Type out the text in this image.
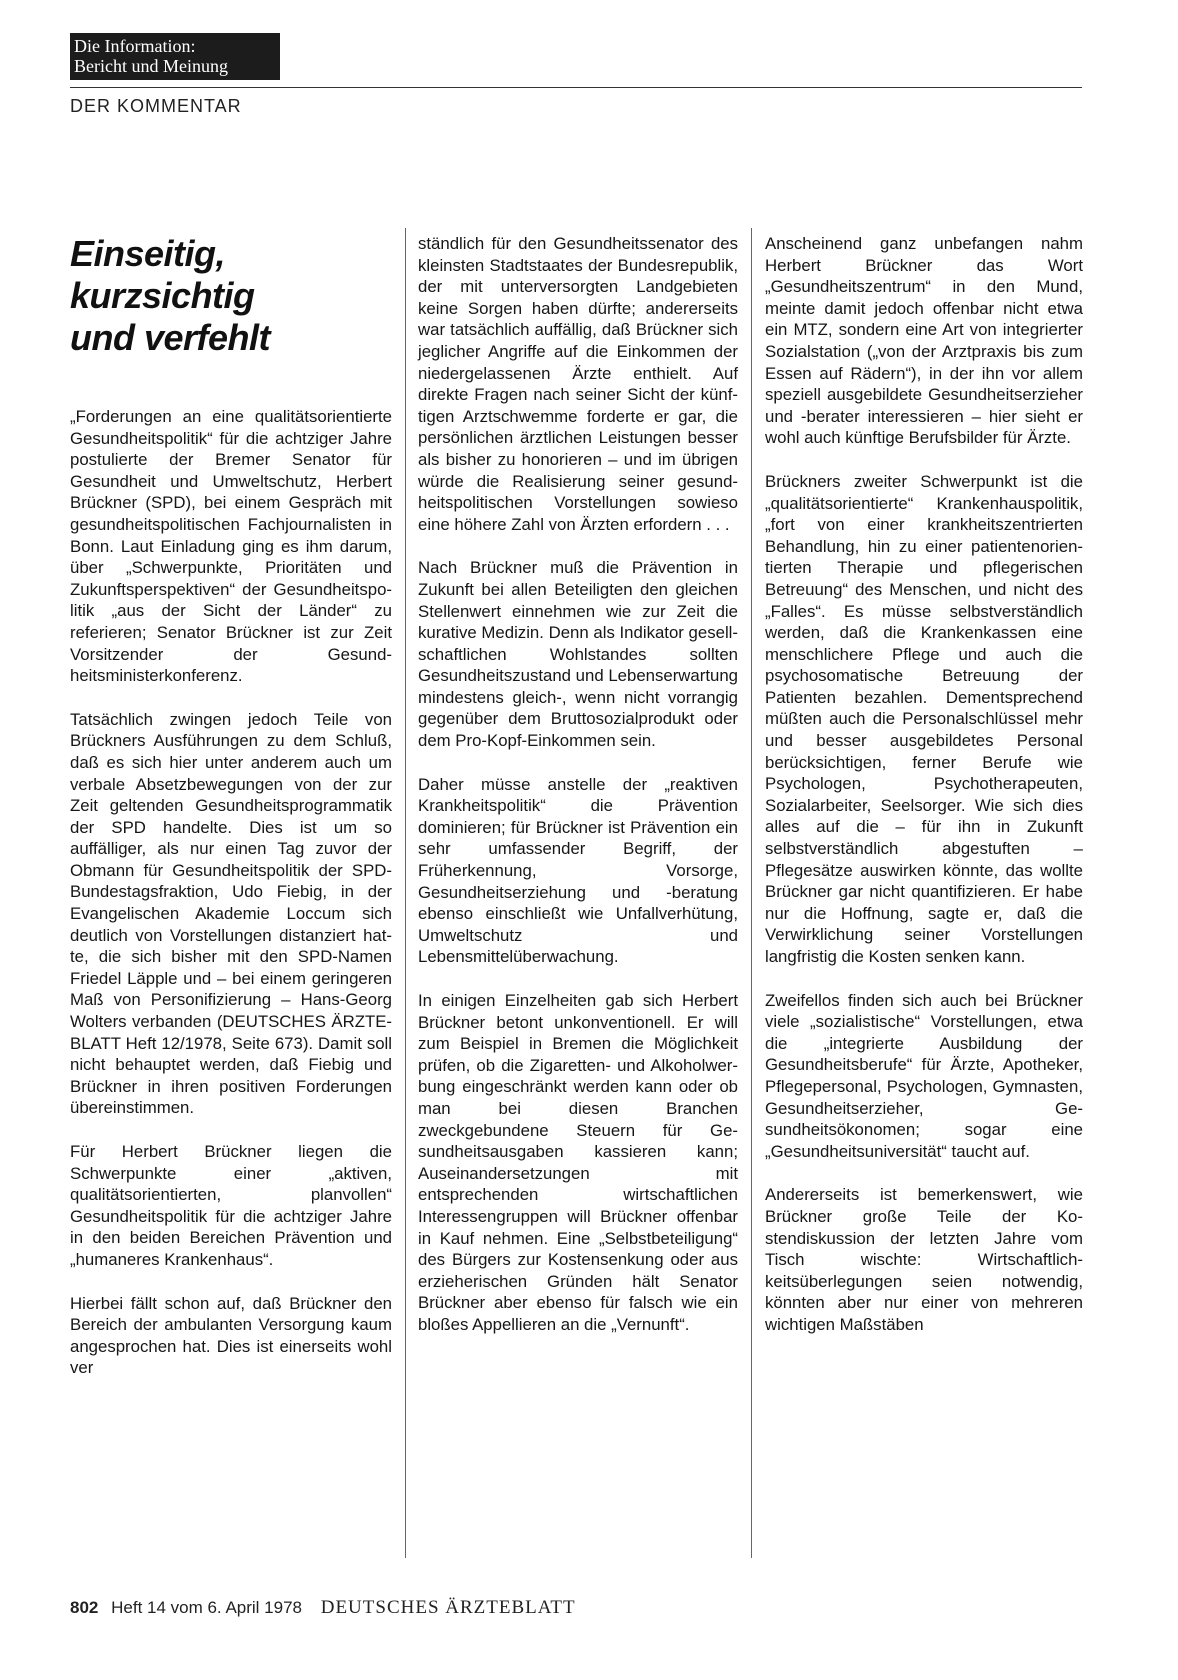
Die Information:
Bericht und Meinung
DER KOMMENTAR
Einseitig,
kurzsichtig
und verfehlt

„Forderungen an eine qualitätsorientierte Gesundheitspolitik“ für die achtziger Jahre postulierte der Bremer Senator für Gesundheit und Umweltschutz, Herbert Brückner (SPD), bei einem Gespräch mit gesundheitspolitischen Fachjournalisten in Bonn. Laut Einladung ging es ihm darum, über „Schwerpunkte, Prioritäten und Zukunftsperspektiven“ der Gesundheitspolitik „aus der Sicht der Länder“ zu referieren; Senator Brückner ist zur Zeit Vorsitzender der Gesundheitsministerkonferenz.

Tatsächlich zwingen jedoch Teile von Brückners Ausführungen zu dem Schluß, daß es sich hier unter anderem auch um verbale Absetzbewegungen von der zur Zeit geltenden Gesundheitsprogrammatik der SPD handelte. Dies ist um so auffälliger, als nur einen Tag zuvor der Obmann für Gesundheitspolitik der SPD-Bundestagsfraktion, Udo Fiebig, in der Evangelischen Akademie Loccum sich deutlich von Vorstellungen distanziert hatte, die sich bisher mit den SPD-Namen Friedel Läpple und – bei einem geringeren Maß von Personifizierung – Hans-Georg Wolters verbanden (DEUTSCHES ÄRZTEBLATT Heft 12/1978, Seite 673). Damit soll nicht behauptet werden, daß Fiebig und Brückner in ihren positiven Forderungen übereinstimmen.

Für Herbert Brückner liegen die Schwerpunkte einer „aktiven, qualitätsorientierten, planvollen“ Gesundheitspolitik für die achtziger Jahre in den beiden Bereichen Prävention und „humaneres Krankenhaus“.

Hierbei fällt schon auf, daß Brückner den Bereich der ambulanten Versorgung kaum angesprochen hat. Dies ist einerseits wohl ver

ständlich für den Gesundheitssenator des kleinsten Stadtstaates der Bundesrepublik, der mit unterversorgten Landgebieten keine Sorgen haben dürfte; andererseits war tatsächlich auffällig, daß Brückner sich jeglicher Angriffe auf die Einkommen der niedergelassenen Ärzte enthielt. Auf direkte Fragen nach seiner Sicht der künftigen Arztschwemme forderte er gar, die persönlichen ärztlichen Leistungen besser als bisher zu honorieren – und im übrigen würde die Realisierung seiner gesundheitspolitischen Vorstellungen sowieso eine höhere Zahl von Ärzten erfordern . . .

Nach Brückner muß die Prävention in Zukunft bei allen Beteiligten den gleichen Stellenwert einnehmen wie zur Zeit die kurative Medizin. Denn als Indikator gesellschaftlichen Wohlstandes sollten Gesundheitszustand und Lebenserwartung mindestens gleich-, wenn nicht vorrangig gegenüber dem Bruttosozialprodukt oder dem Pro-Kopf-Einkommen sein.

Daher müsse anstelle der „reaktiven Krankheitspolitik“ die Prävention dominieren; für Brückner ist Prävention ein sehr umfassender Begriff, der Früherkennung, Vorsorge, Gesundheitserziehung und -beratung ebenso einschließt wie Unfallverhütung, Umweltschutz und Lebensmittelüberwachung.

In einigen Einzelheiten gab sich Herbert Brückner betont unkonventionell. Er will zum Beispiel in Bremen die Möglichkeit prüfen, ob die Zigaretten- und Alkoholwerbung eingeschränkt werden kann oder ob man bei diesen Branchen zweckgebundene Steuern für Gesundheitsausgaben kassieren kann; Auseinandersetzungen mit entsprechenden wirtschaftlichen Interessengruppen will Brückner offenbar in Kauf nehmen. Eine „Selbstbeteiligung“ des Bürgers zur Kostensenkung oder aus erzieherischen Gründen hält Senator Brückner aber ebenso für falsch wie ein bloßes Appellieren an die „Vernunft“.

Anscheinend ganz unbefangen nahm Herbert Brückner das Wort „Gesundheitszentrum“ in den Mund, meinte damit jedoch offenbar nicht etwa ein MTZ, sondern eine Art von integrierter Sozialstation („von der Arztpraxis bis zum Essen auf Rädern“), in der ihn vor allem speziell ausgebildete Gesundheitserzieher und -berater interessieren – hier sieht er wohl auch künftige Berufsbilder für Ärzte.

Brückners zweiter Schwerpunkt ist die „qualitätsorientierte“ Krankenhauspolitik, „fort von einer krankheitszentrierten Behandlung, hin zu einer patientenorientierten Therapie und pflegerischen Betreuung“ des Menschen, und nicht des „Falles“. Es müsse selbstverständlich werden, daß die Krankenkassen eine menschlichere Pflege und auch die psychosomatische Betreuung der Patienten bezahlen. Dementsprechend müßten auch die Personalschlüssel mehr und besser ausgebildetes Personal berücksichtigen, ferner Berufe wie Psychologen, Psychotherapeuten, Sozialarbeiter, Seelsorger. Wie sich dies alles auf die – für ihn in Zukunft selbstverständlich abgestuften – Pflegesätze auswirken könnte, das wollte Brückner gar nicht quantifizieren. Er habe nur die Hoffnung, sagte er, daß die Verwirklichung seiner Vorstellungen langfristig die Kosten senken kann.

Zweifellos finden sich auch bei Brückner viele „sozialistische“ Vorstellungen, etwa die „integrierte Ausbildung der Gesundheitsberufe“ für Ärzte, Apotheker, Pflegepersonal, Psychologen, Gymnasten, Gesundheitserzieher, Gesundheitsökonomen; sogar eine „Gesundheitsuniversität“ taucht auf.

Andererseits ist bemerkenswert, wie Brückner große Teile der Kostendiskussion der letzten Jahre vom Tisch wischte: Wirtschaftlichkeitsüberlegungen seien notwendig, könnten aber nur einer von mehreren wichtigen Maßstäben

802 Heft 14 vom 6. April 1978 DEUTSCHES ÄRZTEBLATT
